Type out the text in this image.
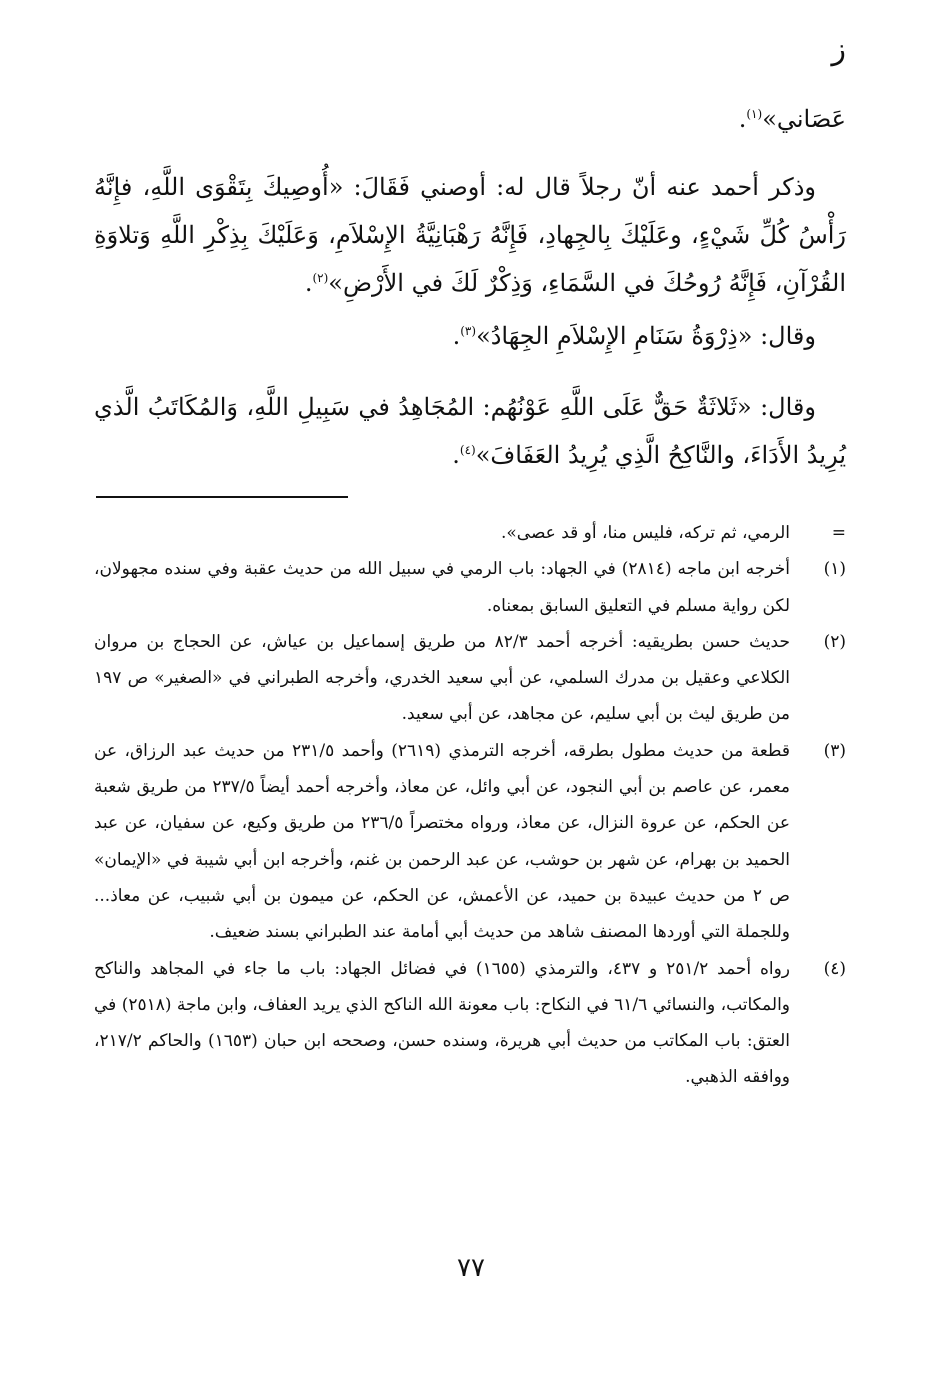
ز

عَصَاني»$^{(١)}$.

وذكر أحمد عنه أنّ رجلاً قال له: أوصني فَقَالَ: «أُوصِيكَ بِتَقْوَى اللَّهِ، فإِنَّهُ رَأْسُ كُلِّ شَيْءٍ، وعَلَيْكَ بِالجِهادِ، فَإِنَّهُ رَهْبَانِيَّةُ الإِسْلاَمِ، وَعَلَيْكَ بِذِكْرِ اللَّهِ وَتلاوَةِ القُرْآنِ، فَإِنَّهُ رُوحُكَ في السَّمَاءِ، وَذِكْرٌ لَكَ في الأَرْضِ»$^{(٢)}$.

وقال: «ذِرْوَةُ سَنَامِ الإِسْلاَمِ الجِهَادُ»$^{(٣)}$.

وقال: «ثَلاثَةٌ حَقٌّ عَلَى اللَّهِ عَوْنُهُم: المُجَاهِدُ في سَبِيلِ اللَّهِ، وَالمُكَاتَبُ الَّذي يُرِيدُ الأَدَاءَ، والنَّاكِحُ الَّذِي يُرِيدُ العَفَافَ»$^{(٤)}$.

=
الرمي، ثم تركه، فليس منا، أو قد عصى».
(١)
أخرجه ابن ماجه (٢٨١٤) في الجهاد: باب الرمي في سبيل الله من حديث عقبة وفي سنده مجهولان، لكن رواية مسلم في التعليق السابق بمعناه.
(٢)
حديث حسن بطريقيه: أخرجه أحمد ٨٢/٣ من طريق إسماعيل بن عياش، عن الحجاج بن مروان الكلاعي وعقيل بن مدرك السلمي، عن أبي سعيد الخدري، وأخرجه الطبراني في «الصغير» ص ١٩٧ من طريق ليث بن أبي سليم، عن مجاهد، عن أبي سعيد.
(٣)
قطعة من حديث مطول بطرقه، أخرجه الترمذي (٢٦١٩) وأحمد ٢٣١/٥ من حديث عبد الرزاق، عن معمر، عن عاصم بن أبي النجود، عن أبي وائل، عن معاذ، وأخرجه أحمد أيضاً ٢٣٧/٥ من طريق شعبة عن الحكم، عن عروة النزال، عن معاذ، ورواه مختصراً ٢٣٦/٥ من طريق وكيع، عن سفيان، عن عبد الحميد بن بهرام، عن شهر بن حوشب، عن عبد الرحمن بن غنم، وأخرجه ابن أبي شيبة في «الإيمان» ص ٢ من حديث عبيدة بن حميد، عن الأعمش، عن الحكم، عن ميمون بن أبي شبيب، عن معاذ... وللجملة التي أوردها المصنف شاهد من حديث أبي أمامة عند الطبراني بسند ضعيف.
(٤)
رواه أحمد ٢٥١/٢ و ٤٣٧، والترمذي (١٦٥٥) في فضائل الجهاد: باب ما جاء في المجاهد والناكح والمكاتب، والنسائي ٦١/٦ في النكاح: باب معونة الله الناكح الذي يريد العفاف، وابن ماجة (٢٥١٨) في العتق: باب المكاتب من حديث أبي هريرة، وسنده حسن، وصححه ابن حبان (١٦٥٣) والحاكم ٢١٧/٢، ووافقه الذهبي.
٧٧
